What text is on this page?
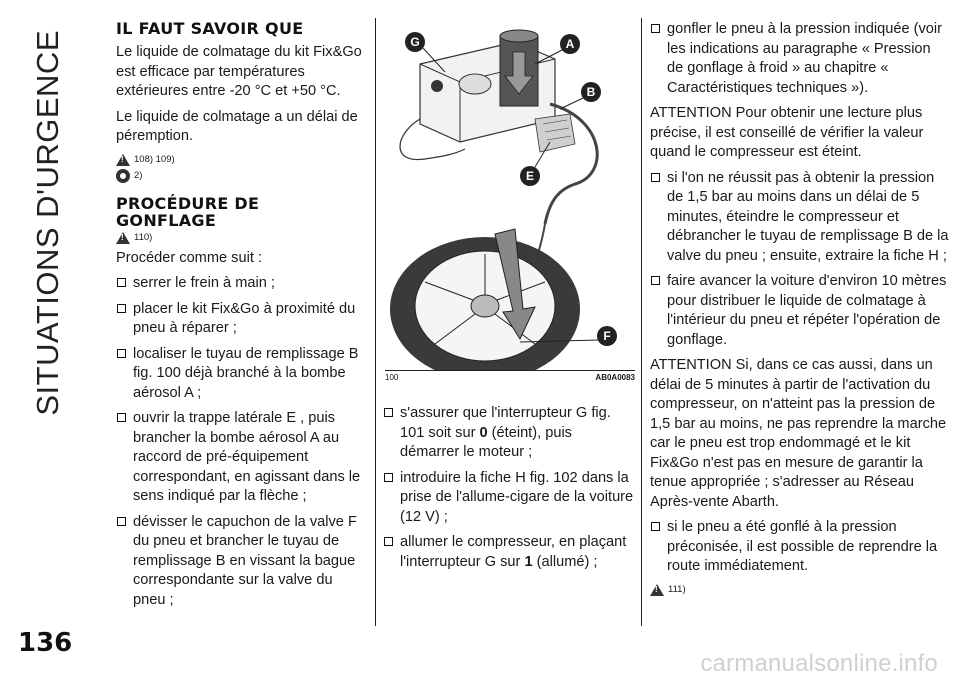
SITUATIONS D'URGENCE
136
IL FAUT SAVOIR QUE

Le liquide de colmatage du kit Fix&Go est efficace par températures extérieures entre -20 °C et +50 °C.

Le liquide de colmatage a un délai de péremption.

!
108) 109)
2)
PROCÉDURE DE
GONFLAGE
!
110)

Procéder comme suit :

serrer le frein à main ;
placer le kit Fix&Go à proximité du pneu à réparer ;
localiser le tuyau de remplissage B fig. 100 déjà branché à la bombe aérosol A ;
ouvrir la trappe latérale E , puis brancher la bombe aérosol A au raccord de pré-équipement correspondant, en agissant dans le sens indiqué par la flèche ;
dévisser le capuchon de la valve F du pneu et brancher le tuyau de remplissage B en vissant la bague correspondante sur la valve du pneu ;
G	A
B
E
F
100	AB0A0083
s'assurer que l'interrupteur G fig. 101 soit sur 0 (éteint), puis démarrer le moteur ;
introduire la fiche H fig. 102 dans la prise de l'allume-cigare de la voiture (12 V) ;
allumer le compresseur, en plaçant l'interrupteur G sur 1 (allumé) ;
gonfler le pneu à la pression indiquée (voir les indications au paragraphe « Pression de gonflage à froid » au chapitre « Caractéristiques techniques »).

ATTENTION Pour obtenir une lecture plus précise, il est conseillé de vérifier la valeur quand le compresseur est éteint.

si l'on ne réussit pas à obtenir la pression de 1,5 bar au moins dans un délai de 5 minutes, éteindre le compresseur et débrancher le tuyau de remplissage B de la valve du pneu ; ensuite, extraire la fiche H ;
faire avancer la voiture d'environ 10 mètres pour distribuer le liquide de colmatage à l'intérieur du pneu et répéter l'opération de gonflage.

ATTENTION Si, dans ce cas aussi, dans un délai de 5 minutes à partir de l'activation du compresseur, on n'atteint pas la pression de 1,5 bar au moins, ne pas reprendre la marche car le pneu est trop endommagé et le kit Fix&Go n'est pas en mesure de garantir la tenue appropriée ; s'adresser au Réseau Après-vente Abarth.

si le pneu a été gonflé à la pression préconisée, il est possible de reprendre la route immédiatement.
!
111)
carmanualsonline.info
